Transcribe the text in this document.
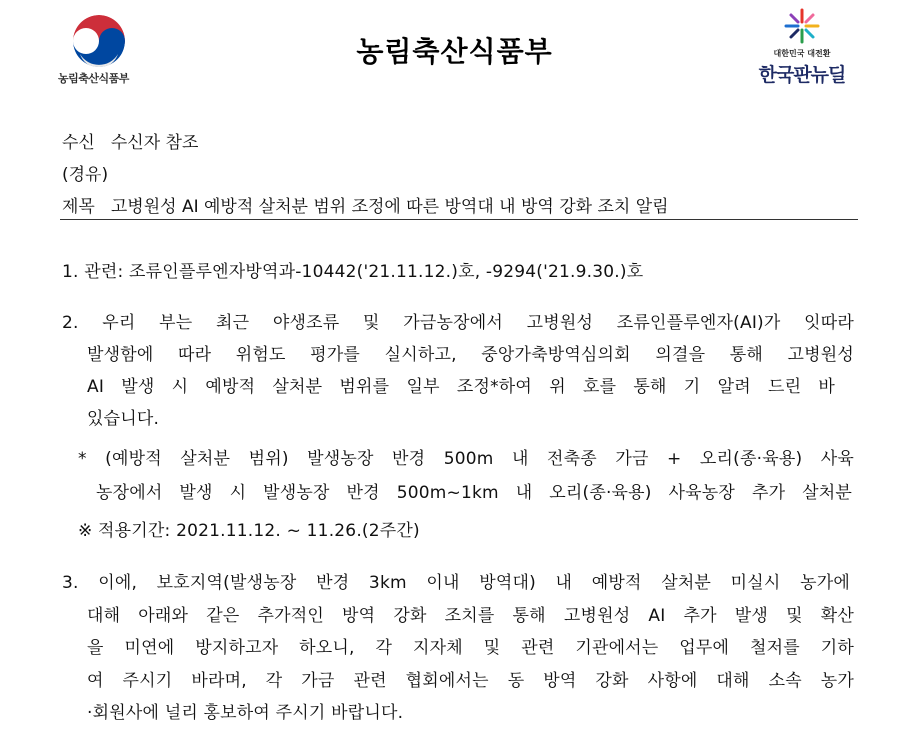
농림축산식품부
농림축산식품부	대한민국 대전환
한국판뉴딜
수신 수신자 참조
(경유)
제목 고병원성 AI 예방적 살처분 범위 조정에 따른 방역대 내 방역 강화 조치 알림
1. 관련: 조류인플루엔자방역과-10442('21.11.12.)호, -9294('21.9.30.)호
2. 우리 부는 최근 야생조류 및 가금농장에서 고병원성 조류인플루엔자(AI)가 잇따라
발생함에 따라 위험도 평가를 실시하고, 중앙가축방역심의회 의결을 통해 고병원성
AI 발생 시 예방적 살처분 범위를 일부 조정*하여 위 호를 통해 기 알려 드린 바
있습니다.
* (예방적 살처분 범위) 발생농장 반경 500m 내 전축종 가금 + 오리(종·육용) 사육
농장에서 발생 시 발생농장 반경 500m~1km 내 오리(종·육용) 사육농장 추가 살처분
※ 적용기간: 2021.11.12. ~ 11.26.(2주간)
3. 이에, 보호지역(발생농장 반경 3km 이내 방역대) 내 예방적 살처분 미실시 농가에
대해 아래와 같은 추가적인 방역 강화 조치를 통해 고병원성 AI 추가 발생 및 확산
을 미연에 방지하고자 하오니, 각 지자체 및 관련 기관에서는 업무에 철저를 기하
여 주시기 바라며, 각 가금 관련 협회에서는 동 방역 강화 사항에 대해 소속 농가
·회원사에 널리 홍보하여 주시기 바랍니다.
